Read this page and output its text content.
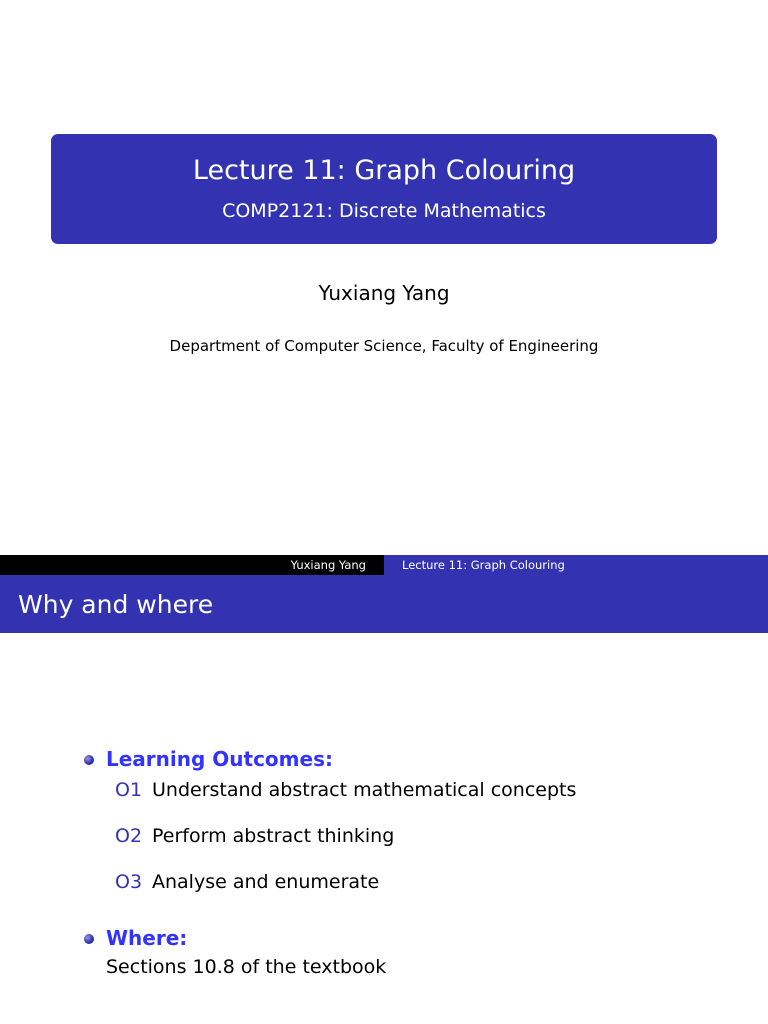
Lecture 11: Graph Colouring
COMP2121: Discrete Mathematics
Yuxiang Yang
Department of Computer Science, Faculty of Engineering
Yuxiang Yang	Lecture 11: Graph Colouring
Why and where
Learning Outcomes:
O1 Understand abstract mathematical concepts
O2 Perform abstract thinking
O3 Analyse and enumerate
Where:
Sections 10.8 of the textbook
